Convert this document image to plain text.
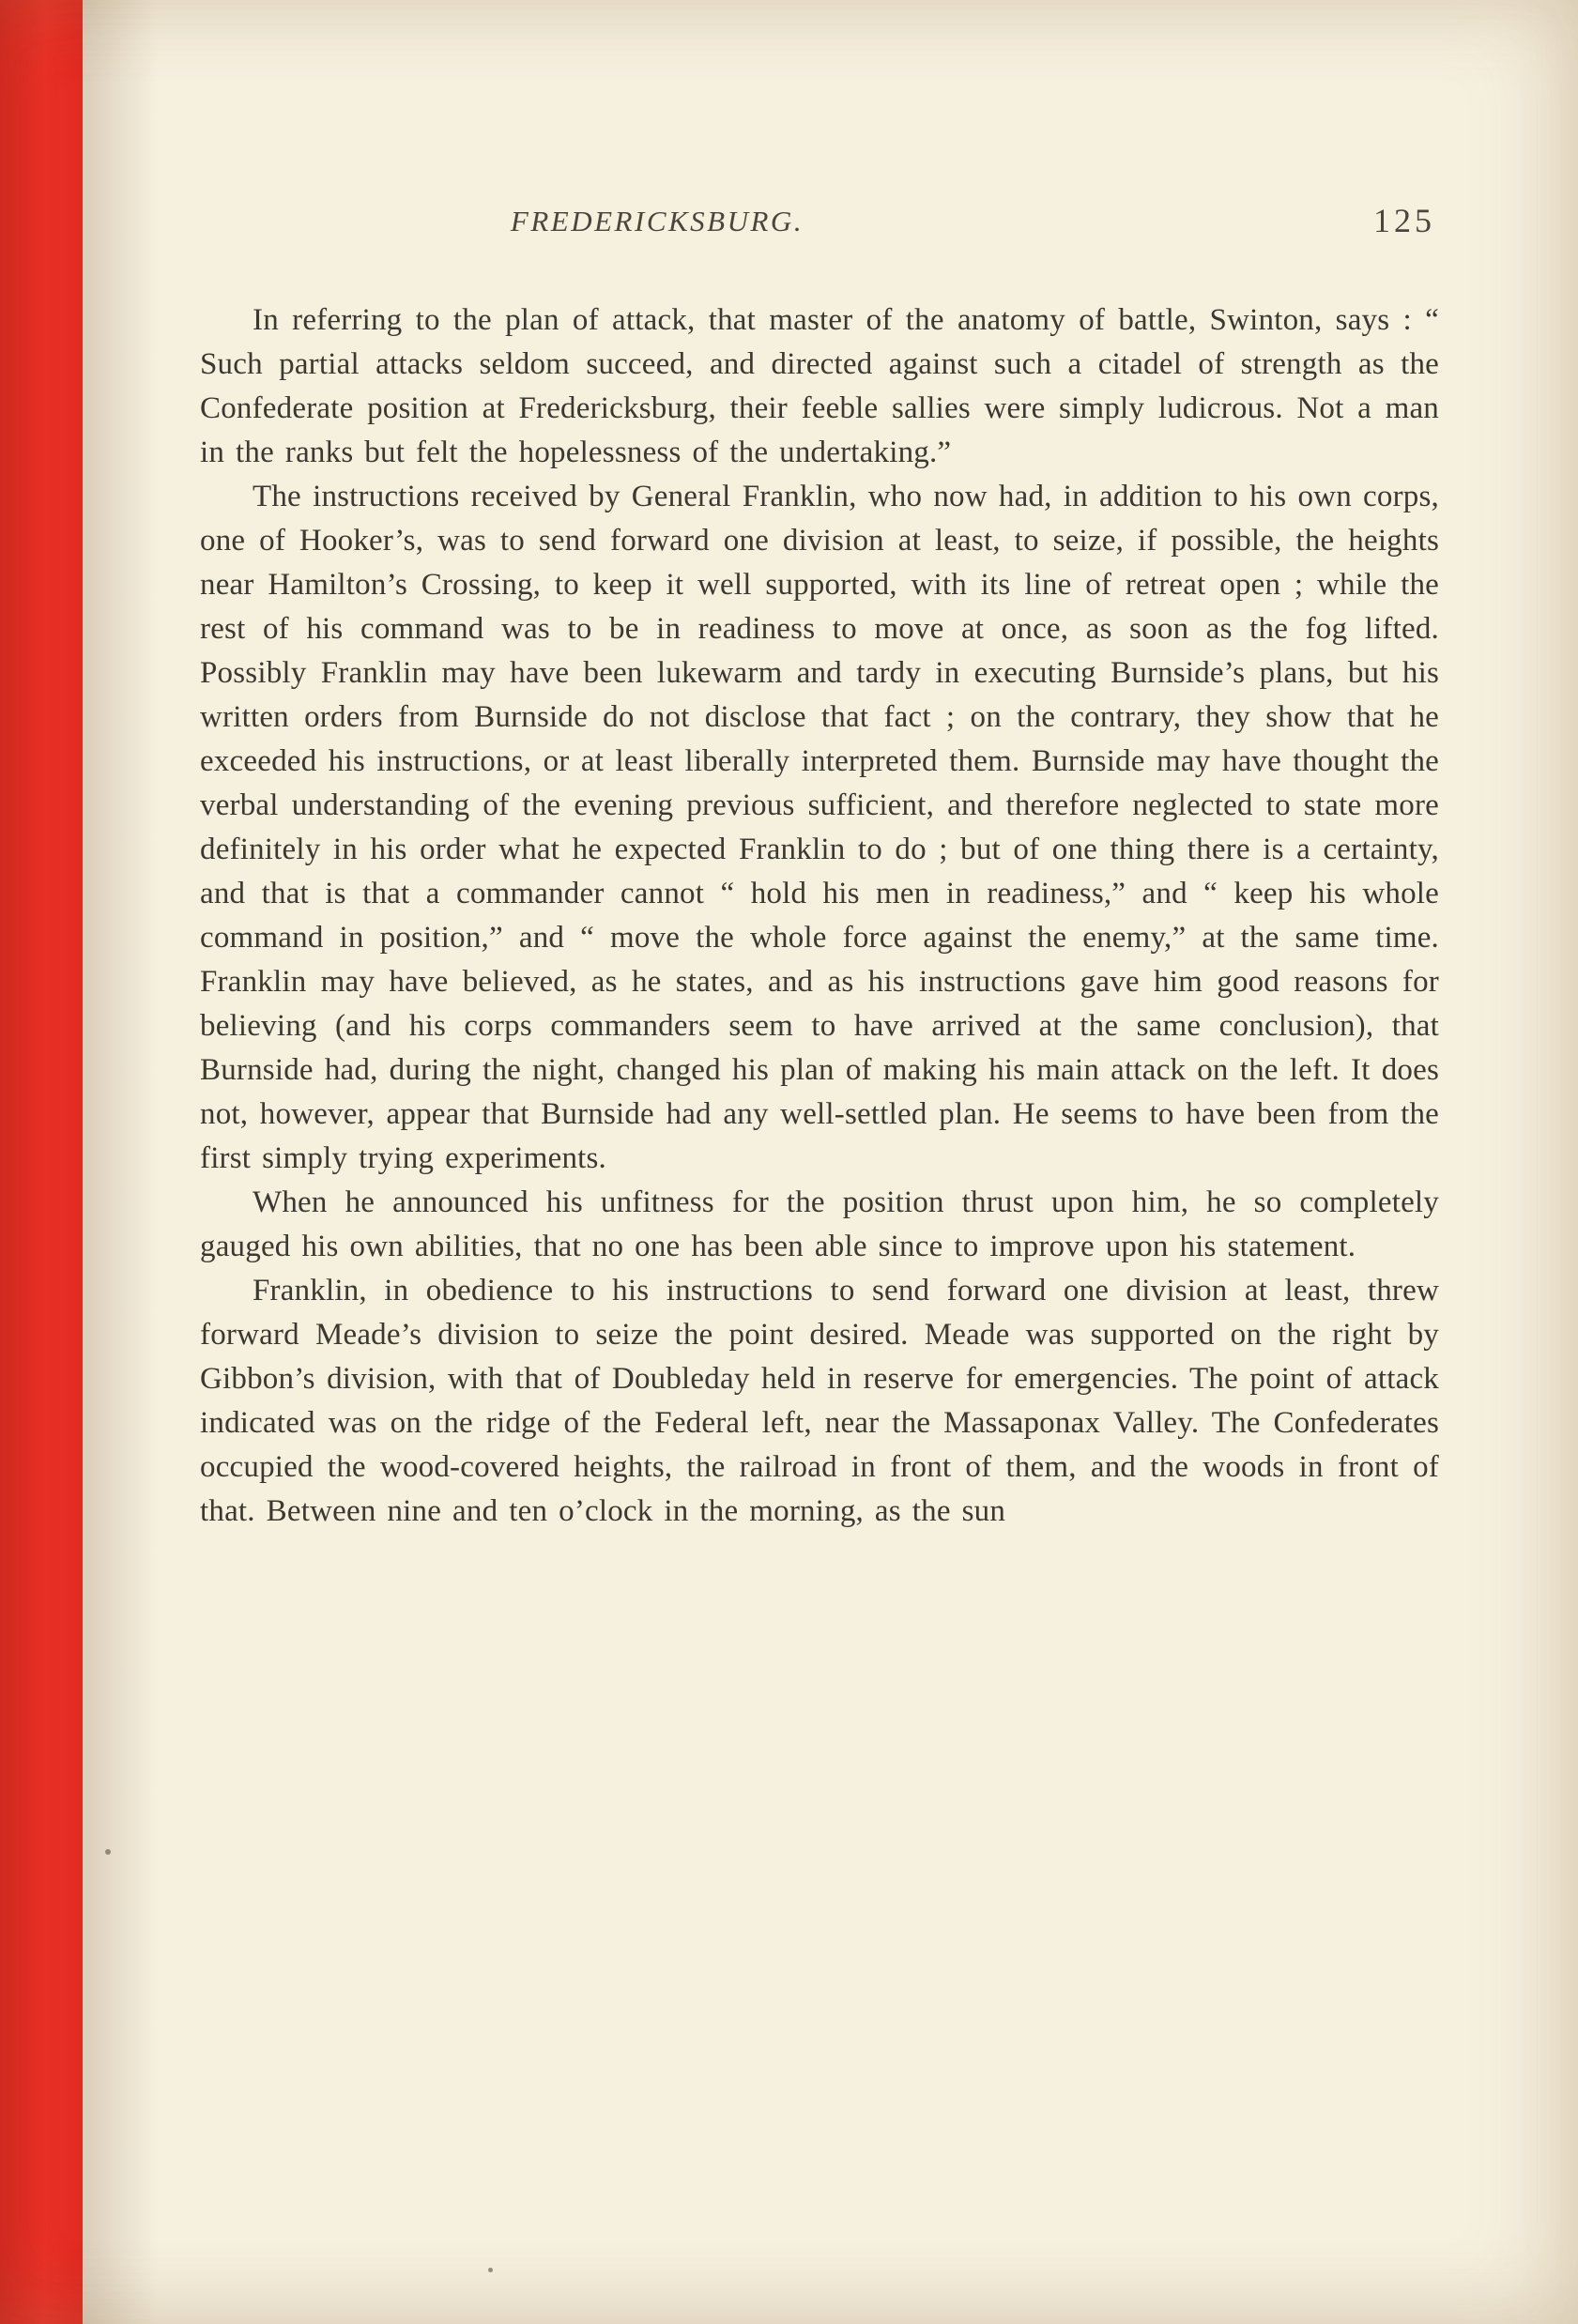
FREDERICKSBURG.	125

In referring to the plan of attack, that master of the anatomy of battle, Swinton, says : “ Such partial attacks seldom succeed, and directed against such a citadel of strength as the Confederate position at Fredericksburg, their feeble sallies were simply ludicrous. Not a man in the ranks but felt the hopelessness of the undertaking.”

The instructions received by General Franklin, who now had, in addition to his own corps, one of Hooker’s, was to send forward one division at least, to seize, if possible, the heights near Hamilton’s Crossing, to keep it well supported, with its line of retreat open ; while the rest of his command was to be in readiness to move at once, as soon as the fog lifted. Possibly Franklin may have been lukewarm and tardy in executing Burnside’s plans, but his written orders from Burnside do not disclose that fact ; on the contrary, they show that he exceeded his instructions, or at least liberally interpreted them. Burnside may have thought the verbal understanding of the evening previous sufficient, and therefore neglected to state more definitely in his order what he expected Franklin to do ; but of one thing there is a certainty, and that is that a commander cannot “ hold his men in readiness,” and “ keep his whole command in position,” and “ move the whole force against the enemy,” at the same time. Franklin may have believed, as he states, and as his instructions gave him good reasons for believing (and his corps commanders seem to have arrived at the same conclusion), that Burnside had, during the night, changed his plan of making his main attack on the left. It does not, however, appear that Burnside had any well-settled plan. He seems to have been from the first simply trying experiments.

When he announced his unfitness for the position thrust upon him, he so completely gauged his own abilities, that no one has been able since to improve upon his statement.

Franklin, in obedience to his instructions to send forward one division at least, threw forward Meade’s division to seize the point desired. Meade was supported on the right by Gibbon’s division, with that of Doubleday held in reserve for emergencies. The point of attack indicated was on the ridge of the Federal left, near the Massaponax Valley. The Confederates occupied the wood-covered heights, the railroad in front of them, and the woods in front of that. Between nine and ten o’clock in the morning, as the sun
